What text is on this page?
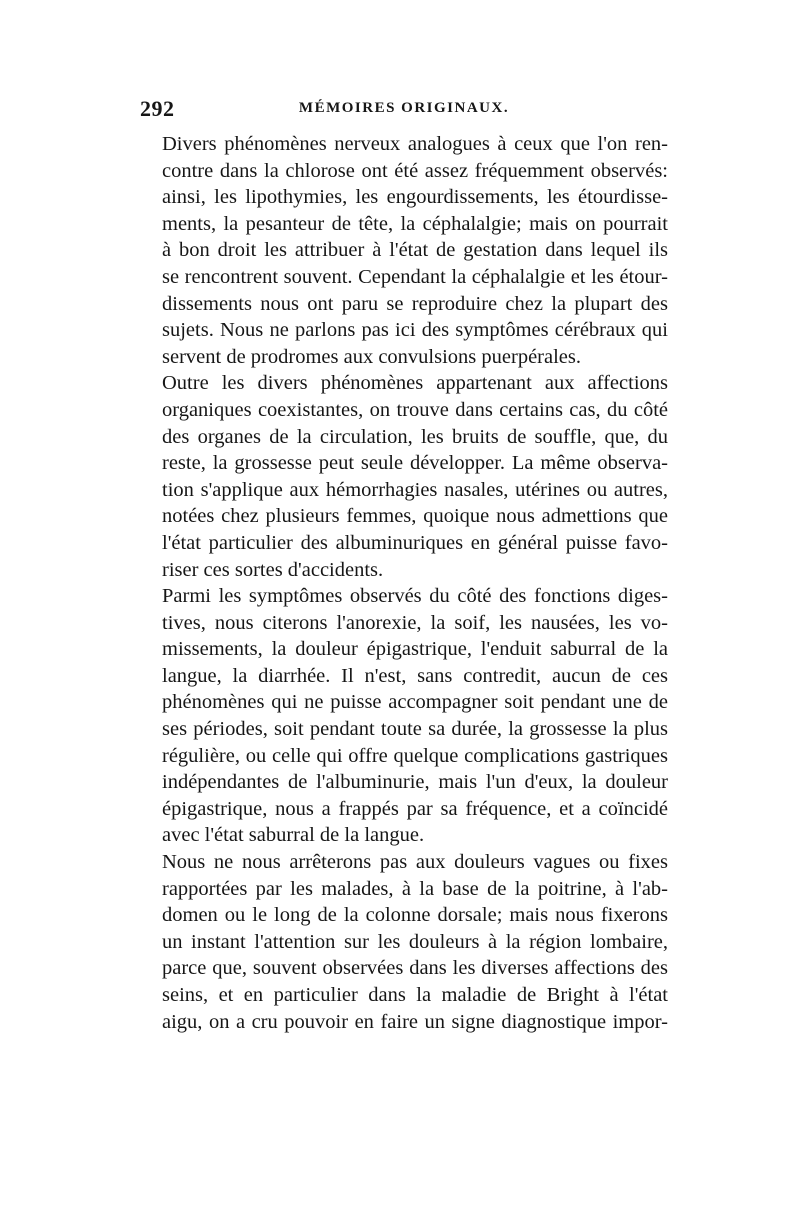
292	MÉMOIRES ORIGINAUX.

Divers phénomènes nerveux analogues à ceux que l'on ren-
contre dans la chlorose ont été assez fréquemment observés:
ainsi, les lipothymies, les engourdissements, les étourdisse-
ments, la pesanteur de tête, la céphalalgie; mais on pourrait
à bon droit les attribuer à l'état de gestation dans lequel ils
se rencontrent souvent. Cependant la céphalalgie et les étour-
dissements nous ont paru se reproduire chez la plupart des
sujets. Nous ne parlons pas ici des symptômes cérébraux qui
servent de prodromes aux convulsions puerpérales.

Outre les divers phénomènes appartenant aux affections
organiques coexistantes, on trouve dans certains cas, du côté
des organes de la circulation, les bruits de souffle, que, du
reste, la grossesse peut seule développer. La même observa-
tion s'applique aux hémorrhagies nasales, utérines ou autres,
notées chez plusieurs femmes, quoique nous admettions que
l'état particulier des albuminuriques en général puisse favo-
riser ces sortes d'accidents.

Parmi les symptômes observés du côté des fonctions diges-
tives, nous citerons l'anorexie, la soif, les nausées, les vo-
missements, la douleur épigastrique, l'enduit saburral de la
langue, la diarrhée. Il n'est, sans contredit, aucun de ces
phénomènes qui ne puisse accompagner soit pendant une de
ses périodes, soit pendant toute sa durée, la grossesse la plus
régulière, ou celle qui offre quelque complications gastriques
indépendantes de l'albuminurie, mais l'un d'eux, la douleur
épigastrique, nous a frappés par sa fréquence, et a coïncidé
avec l'état saburral de la langue.

Nous ne nous arrêterons pas aux douleurs vagues ou fixes
rapportées par les malades, à la base de la poitrine, à l'ab-
domen ou le long de la colonne dorsale; mais nous fixerons
un instant l'attention sur les douleurs à la région lombaire,
parce que, souvent observées dans les diverses affections des
seins, et en particulier dans la maladie de Bright à l'état
aigu, on a cru pouvoir en faire un signe diagnostique impor-
